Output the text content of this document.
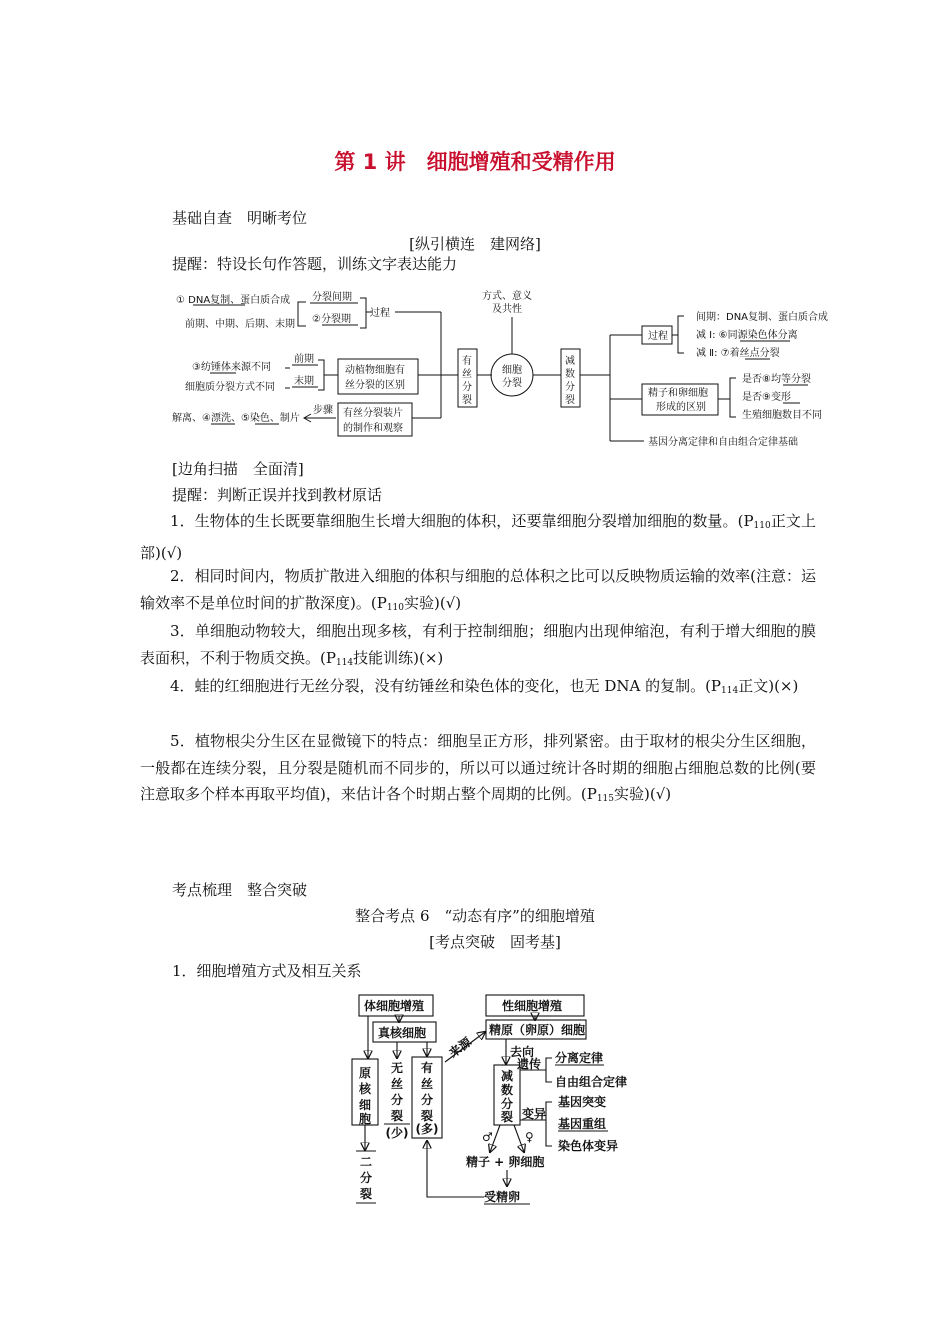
第 1 讲　细胞增殖和受精作用
基础自查　明晰考位
[纵引横连　建网络]
提醒：特设长句作答题，训练文字表达能力
① DNA复制、蛋白质合成
前期、中期、后期、末期
分裂间期
②分裂期
过程
③纺锤体来源不同
细胞质分裂方式不同
前期
末期
动植物细胞有
丝分裂的区别
解离、④漂洗、⑤染色、制片
步骤 有丝分裂装片
的制作和观察
有
丝
分
裂
方式、意义
及共性
细胞
分裂
减
数
分
裂
过程
间期：DNA复制、蛋白质合成
减 Ⅰ: ⑥同源染色体分离
减 Ⅱ: ⑦着丝点分裂
精子和卵细胞
形成的区别
是否⑧均等分裂
是否⑨变形
生殖细胞数目不同
基因分离定律和自由组合定律基础
[边角扫描　全面清]
提醒：判断正误并找到教材原话
1．生物体的生长既要靠细胞生长增大细胞的体积，还要靠细胞分裂增加细胞的数量。($P_{110}$正文上部)(√)
2．相同时间内，物质扩散进入细胞的体积与细胞的总体积之比可以反映物质运输的效率(注意：运输效率不是单位时间的扩散深度)。($P_{110}$实验)(√)
3．单细胞动物较大，细胞出现多核，有利于控制细胞；细胞内出现伸缩泡，有利于增大细胞的膜表面积，不利于物质交换。($P_{114}$技能训练)(×)
4．蛙的红细胞进行无丝分裂，没有纺锤丝和染色体的变化，也无 DNA 的复制。($P_{114}$正文)(×)
5．植物根尖分生区在显微镜下的特点：细胞呈正方形，排列紧密。由于取材的根尖分生区细胞，一般都在连续分裂，且分裂是随机而不同步的，所以可以通过统计各时期的细胞占细胞总数的比例(要注意取多个样本再取平均值)，来估计各个时期占整个周期的比例。($P_{115}$实验)(√)
考点梳理　整合突破
整合考点 6　“动态有序”的细胞增殖
[考点突破　固考基]
1．细胞增殖方式及相互关系
体细胞增殖
真核细胞
原
核
细
胞
二
分
裂
无
丝
分
裂
(少)
有
丝
分
裂
(多)
来源
性细胞增殖
精原（卵原）细胞
去向
减
数
分
裂
遗传 分离定律
自由组合定律
变异
基因突变
基因重组
染色体变异
♂	♀
精子 + 卵细胞
受精卵
